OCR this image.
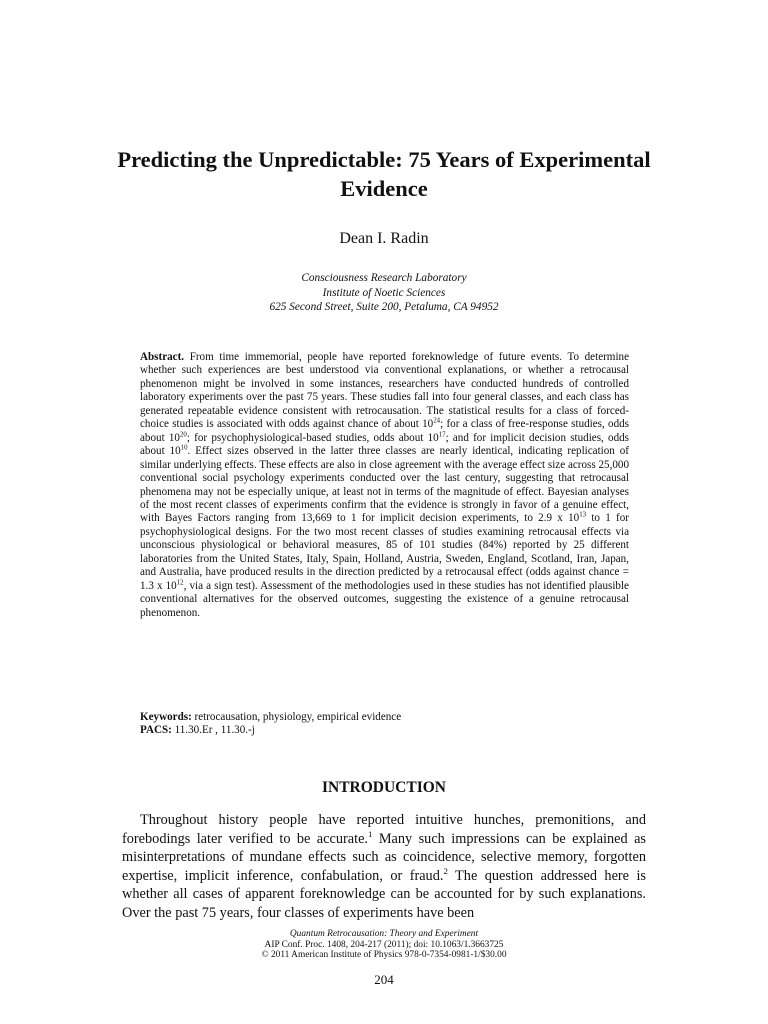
Predicting the Unpredictable: 75 Years of Experimental Evidence

Dean I. Radin

Consciousness Research Laboratory
Institute of Noetic Sciences
625 Second Street, Suite 200, Petaluma, CA 94952

Abstract. From time immemorial, people have reported foreknowledge of future events. To determine whether such experiences are best understood via conventional explanations, or whether a retrocausal phenomenon might be involved in some instances, researchers have conducted hundreds of controlled laboratory experiments over the past 75 years. These studies fall into four general classes, and each class has generated repeatable evidence consistent with retrocausation. The statistical results for a class of forced-choice studies is associated with odds against chance of about $10^{24}$; for a class of free-response studies, odds about $10^{20}$; for psychophysiological-based studies, odds about $10^{17}$; and for implicit decision studies, odds about $10^{10}$. Effect sizes observed in the latter three classes are nearly identical, indicating replication of similar underlying effects. These effects are also in close agreement with the average effect size across 25,000 conventional social psychology experiments conducted over the last century, suggesting that retrocausal phenomena may not be especially unique, at least not in terms of the magnitude of effect. Bayesian analyses of the most recent classes of experiments confirm that the evidence is strongly in favor of a genuine effect, with Bayes Factors ranging from 13,669 to 1 for implicit decision experiments, to 2.9 x $10^{13}$ to 1 for psychophysiological designs. For the two most recent classes of studies examining retrocausal effects via unconscious physiological or behavioral measures, 85 of 101 studies (84%) reported by 25 different laboratories from the United States, Italy, Spain, Holland, Austria, Sweden, England, Scotland, Iran, Japan, and Australia, have produced results in the direction predicted by a retrocausal effect (odds against chance = 1.3 x $10^{12}$, via a sign test). Assessment of the methodologies used in these studies has not identified plausible conventional alternatives for the observed outcomes, suggesting the existence of a genuine retrocausal phenomenon.

Keywords: retrocausation, physiology, empirical evidence
PACS: 11.30.Er , 11.30.-j
INTRODUCTION

Throughout history people have reported intuitive hunches, premonitions, and forebodings later verified to be accurate.$^1$ Many such impressions can be explained as misinterpretations of mundane effects such as coincidence, selective memory, forgotten expertise, implicit inference, confabulation, or fraud.$^2$ The question addressed here is whether all cases of apparent foreknowledge can be accounted for by such explanations. Over the past 75 years, four classes of experiments have been

Quantum Retrocausation: Theory and Experiment
AIP Conf. Proc. 1408, 204-217 (2011); doi: 10.1063/1.3663725
© 2011 American Institute of Physics 978-0-7354-0981-1/$30.00
204
